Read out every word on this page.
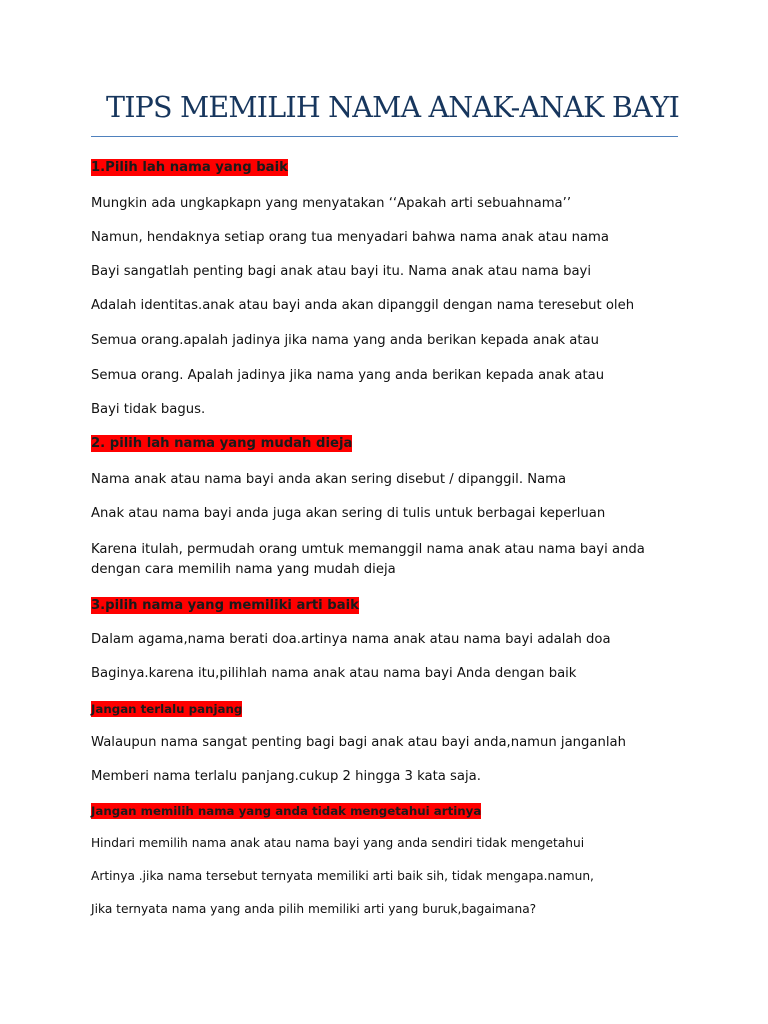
TIPS MEMILIH NAMA ANAK-ANAK BAYI

1.Pilih lah nama yang baik

Mungkin ada ungkapkapn yang menyatakan ‘‘Apakah arti sebuahnama’’

Namun, hendaknya setiap orang tua menyadari bahwa nama anak atau nama

Bayi sangatlah penting bagi anak atau bayi itu. Nama anak atau nama bayi

Adalah identitas.anak atau bayi anda akan dipanggil dengan nama teresebut oleh

Semua orang.apalah jadinya jika nama yang anda berikan kepada anak atau

Semua orang. Apalah jadinya jika nama yang anda berikan kepada anak atau

Bayi tidak bagus.

2. pilih lah nama yang mudah dieja

Nama anak atau nama bayi anda akan sering disebut / dipanggil. Nama

Anak atau nama bayi anda juga akan sering di tulis untuk berbagai keperluan

Karena itulah, permudah orang umtuk memanggil nama anak atau nama bayi anda dengan cara memilih nama yang mudah dieja

3.pilih nama yang memiliki arti baik

Dalam agama,nama berati doa.artinya nama anak atau nama bayi adalah doa

Baginya.karena itu,pilihlah nama anak atau nama bayi Anda dengan baik

Jangan terlalu panjang

Walaupun nama sangat penting bagi bagi anak atau bayi anda,namun janganlah

Memberi nama terlalu panjang.cukup 2 hingga 3 kata saja.

Jangan memilih nama yang anda tidak mengetahui artinya

Hindari memilih nama anak atau nama bayi yang anda sendiri tidak mengetahui

Artinya .jika nama tersebut ternyata memiliki arti baik sih, tidak mengapa.namun,

Jika ternyata nama yang anda pilih memiliki arti yang buruk,bagaimana?
